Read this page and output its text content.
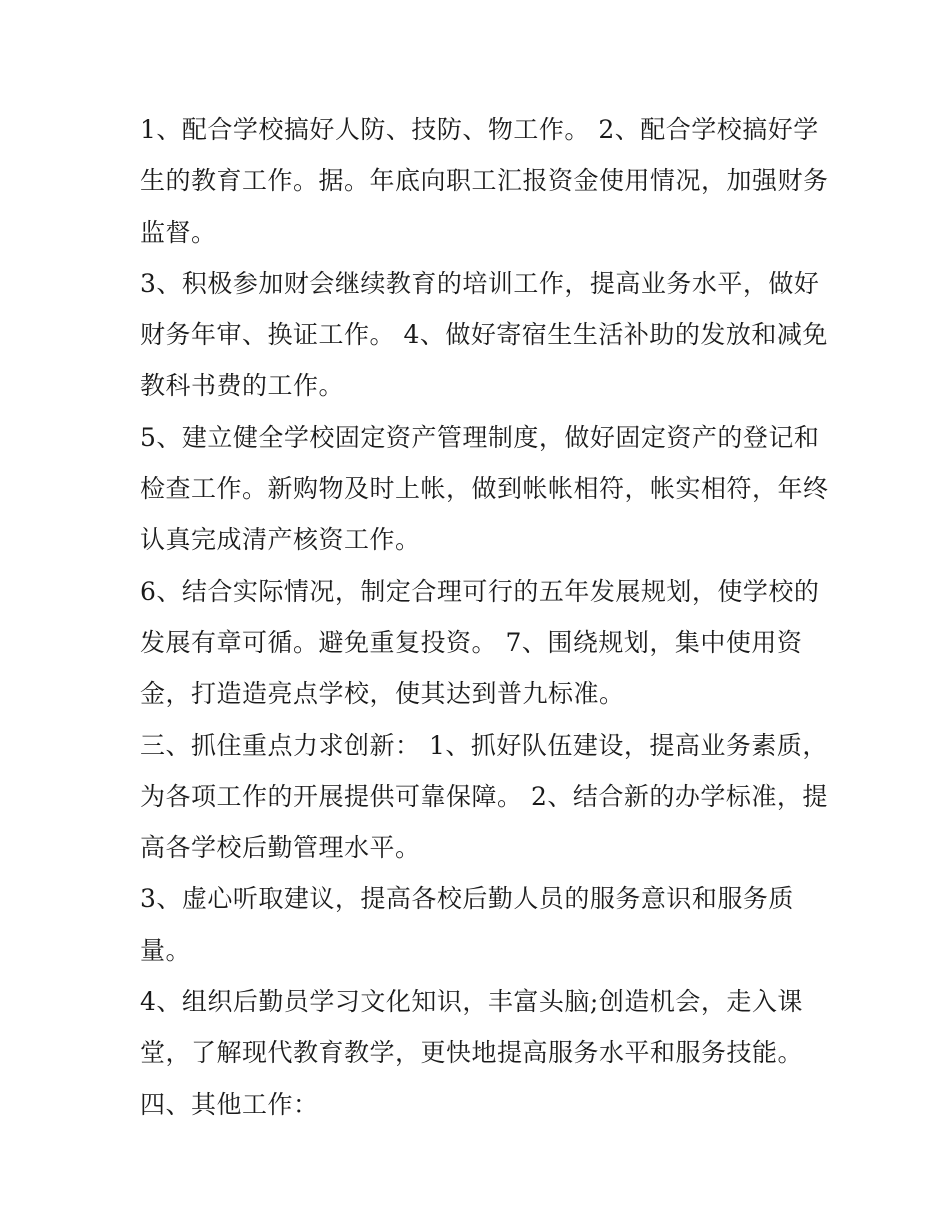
1、配合学校搞好人防、技防、物工作。 2、配合学校搞好学

生的教育工作。据。年底向职工汇报资金使用情况，加强财务

监督。

3、积极参加财会继续教育的培训工作，提高业务水平，做好

财务年审、换证工作。 4、做好寄宿生生活补助的发放和减免

教科书费的工作。

5、建立健全学校固定资产管理制度，做好固定资产的登记和

检查工作。新购物及时上帐，做到帐帐相符，帐实相符，年终

认真完成清产核资工作。

6、结合实际情况，制定合理可行的五年发展规划，使学校的

发展有章可循。避免重复投资。 7、围绕规划，集中使用资

金，打造造亮点学校，使其达到普九标准。

三、抓住重点力求创新： 1、抓好队伍建设，提高业务素质，

为各项工作的开展提供可靠保障。 2、结合新的办学标准，提

高各学校后勤管理水平。

3、虚心听取建议，提高各校后勤人员的服务意识和服务质

量。

4、组织后勤员学习文化知识，丰富头脑;创造机会，走入课

堂，了解现代教育教学，更快地提高服务水平和服务技能。

四、其他工作：
